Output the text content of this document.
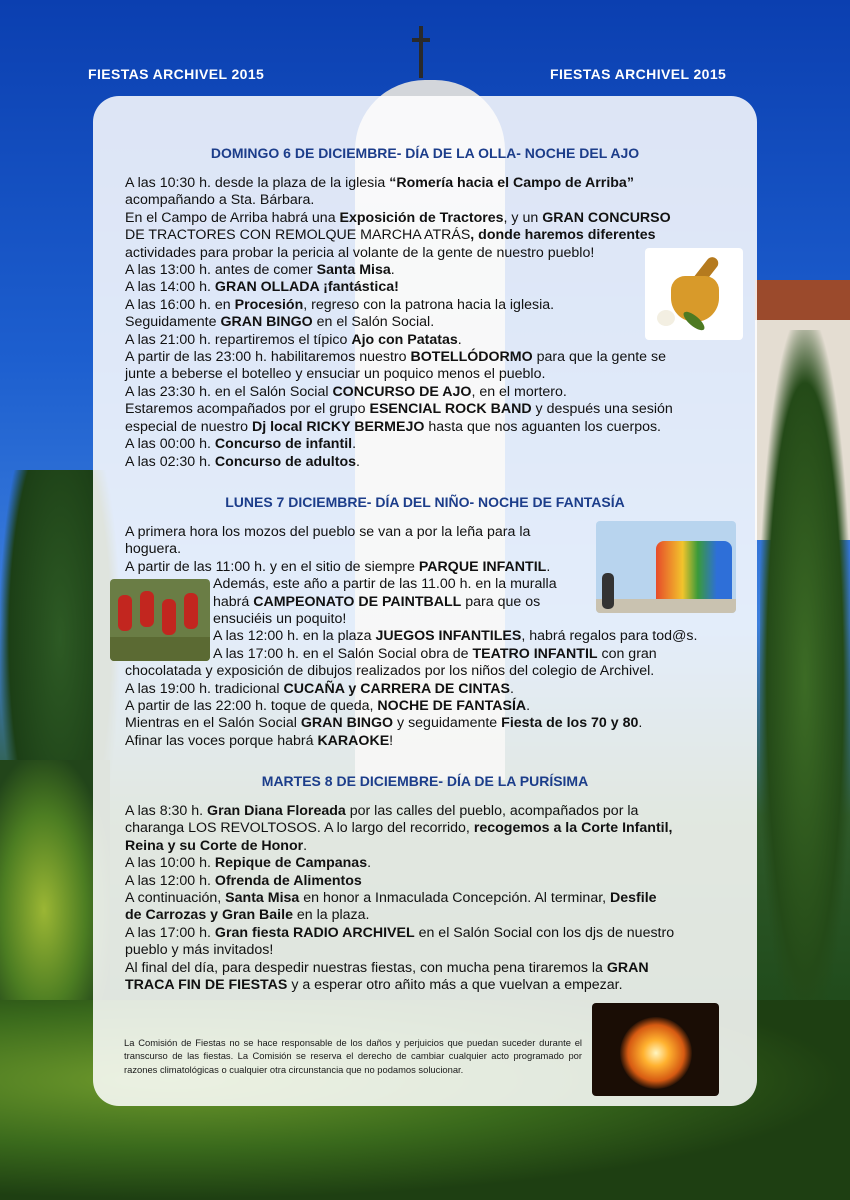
FIESTAS ARCHIVEL 2015	FIESTAS ARCHIVEL 2015
DOMINGO 6 DE DICIEMBRE- DÍA DE LA OLLA- NOCHE DEL AJO
A las 10:30 h. desde la plaza de la iglesia “Romería hacia el Campo de Arriba”
acompañando a Sta. Bárbara.
En el Campo de Arriba habrá una Exposición de Tractores, y un GRAN CONCURSO
DE TRACTORES CON REMOLQUE MARCHA ATRÁS, donde haremos diferentes
actividades para probar la pericia al volante de la gente de nuestro pueblo!
A las 13:00 h. antes de comer Santa Misa.
A las 14:00 h. GRAN OLLADA ¡fantástica!
A las 16:00 h. en Procesión, regreso con la patrona hacia la iglesia.
Seguidamente GRAN BINGO en el Salón Social.
A las 21:00 h. repartiremos el típico Ajo con Patatas.
A partir de las 23:00 h. habilitaremos nuestro BOTELLÓDORMO para que la gente se
junte a beberse el botelleo y ensuciar un poquico menos el pueblo.
A las 23:30 h. en el Salón Social CONCURSO DE AJO, en el mortero.
Estaremos acompañados por el grupo ESENCIAL ROCK BAND y después una sesión
especial de nuestro Dj local RICKY BERMEJO hasta que nos aguanten los cuerpos.
A las 00:00 h. Concurso de infantil.
A las 02:30 h. Concurso de adultos.
LUNES 7 DICIEMBRE- DÍA DEL NIÑO- NOCHE DE FANTASÍA
A primera hora los mozos del pueblo se van a por la leña para la
hoguera.
A partir de las 11:00 h. y en el sitio de siempre PARQUE INFANTIL.
Además, este año a partir de las 11.00 h. en la muralla
habrá CAMPEONATO DE PAINTBALL para que os
ensuciéis un poquito!
A las 12:00 h. en la plaza JUEGOS INFANTILES, habrá regalos para tod@s.
A las 17:00 h. en el Salón Social obra de TEATRO INFANTIL con gran
chocolatada y exposición de dibujos realizados por los niños del colegio de Archivel.
A las 19:00 h. tradicional CUCAÑA y CARRERA DE CINTAS.
A partir de las 22:00 h. toque de queda, NOCHE DE FANTASÍA.
Mientras en el Salón Social GRAN BINGO y seguidamente Fiesta de los 70 y 80.
Afinar las voces porque habrá KARAOKE!
MARTES 8 DE DICIEMBRE- DÍA DE LA PURÍSIMA
A las 8:30 h. Gran Diana Floreada por las calles del pueblo, acompañados por la
charanga LOS REVOLTOSOS. A lo largo del recorrido, recogemos a la Corte Infantil,
Reina y su Corte de Honor.
A las 10:00 h. Repique de Campanas.
A las 12:00 h. Ofrenda de Alimentos
A continuación, Santa Misa en honor a Inmaculada Concepción. Al terminar, Desfile
de Carrozas y Gran Baile en la plaza.
A las 17:00 h. Gran fiesta RADIO ARCHIVEL en el Salón Social con los djs de nuestro
pueblo y más invitados!
Al final del día, para despedir nuestras fiestas, con mucha pena tiraremos la GRAN
TRACA FIN DE FIESTAS y a esperar otro añito más a que vuelvan a empezar.
La Comisión de Fiestas no se hace responsable de los daños y perjuicios que puedan suceder durante el transcurso de las fiestas. La Comisión se reserva el derecho de cambiar cualquier acto programado por razones climatológicas o cualquier otra circunstancia que no podamos solucionar.
